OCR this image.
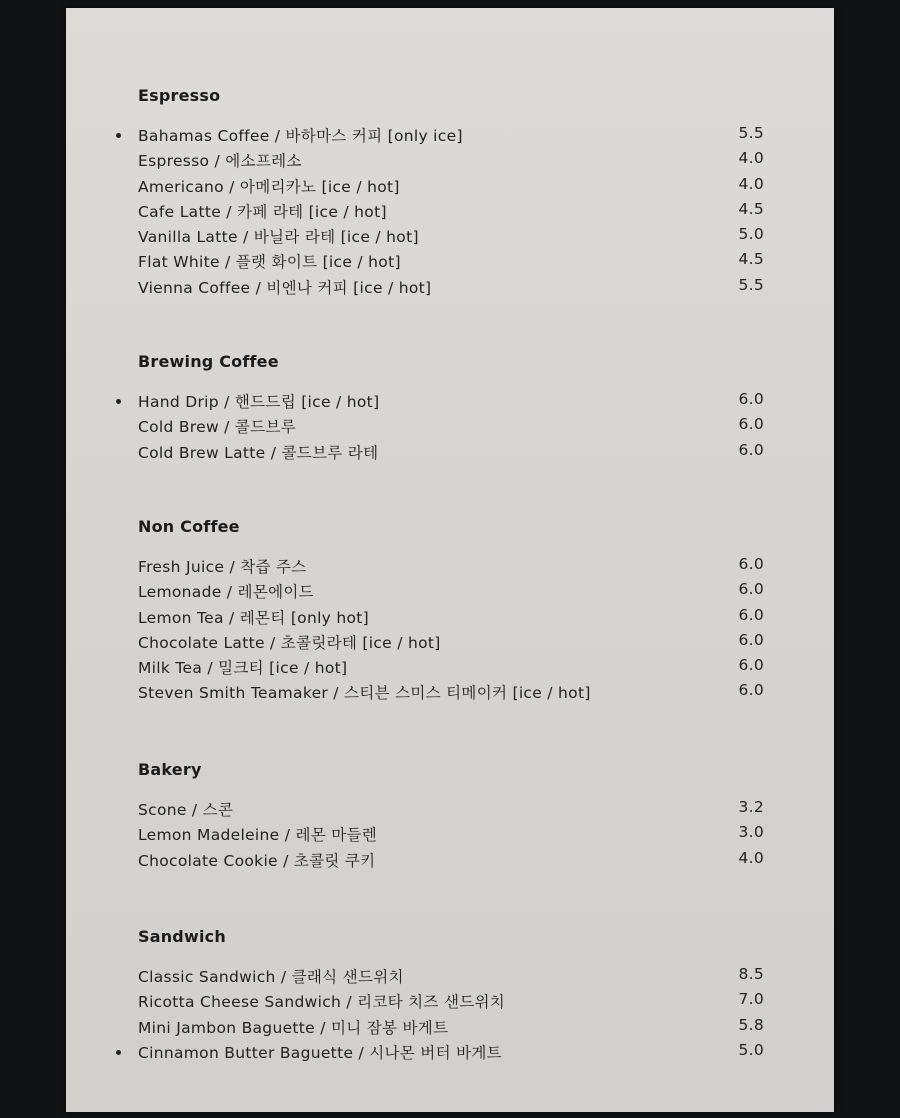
Espresso
Bahamas Coffee / 바하마스 커피 [only ice]	5.5
Espresso / 에소프레소	4.0
Americano / 아메리카노 [ice / hot]	4.0
Cafe Latte / 카페 라테 [ice / hot]	4.5
Vanilla Latte / 바닐라 라테 [ice / hot]	5.0
Flat White / 플랫 화이트 [ice / hot]	4.5
Vienna Coffee / 비엔나 커피 [ice / hot]	5.5
Brewing Coffee
Hand Drip / 핸드드립 [ice / hot]	6.0
Cold Brew / 콜드브루	6.0
Cold Brew Latte / 콜드브루 라테	6.0
Non Coffee
Fresh Juice / 착즙 주스	6.0
Lemonade / 레몬에이드	6.0
Lemon Tea / 레몬티 [only hot]	6.0
Chocolate Latte / 초콜릿라테 [ice / hot]	6.0
Milk Tea / 밀크티 [ice / hot]	6.0
Steven Smith Teamaker / 스티븐 스미스 티메이커 [ice / hot]	6.0
Bakery
Scone / 스콘	3.2
Lemon Madeleine / 레몬 마들렌	3.0
Chocolate Cookie / 초콜릿 쿠키	4.0
Sandwich
Classic Sandwich / 클래식 샌드위치	8.5
Ricotta Cheese Sandwich / 리코타 치즈 샌드위치	7.0
Mini Jambon Baguette / 미니 잠봉 바게트	5.8
Cinnamon Butter Baguette / 시나몬 버터 바게트	5.0
